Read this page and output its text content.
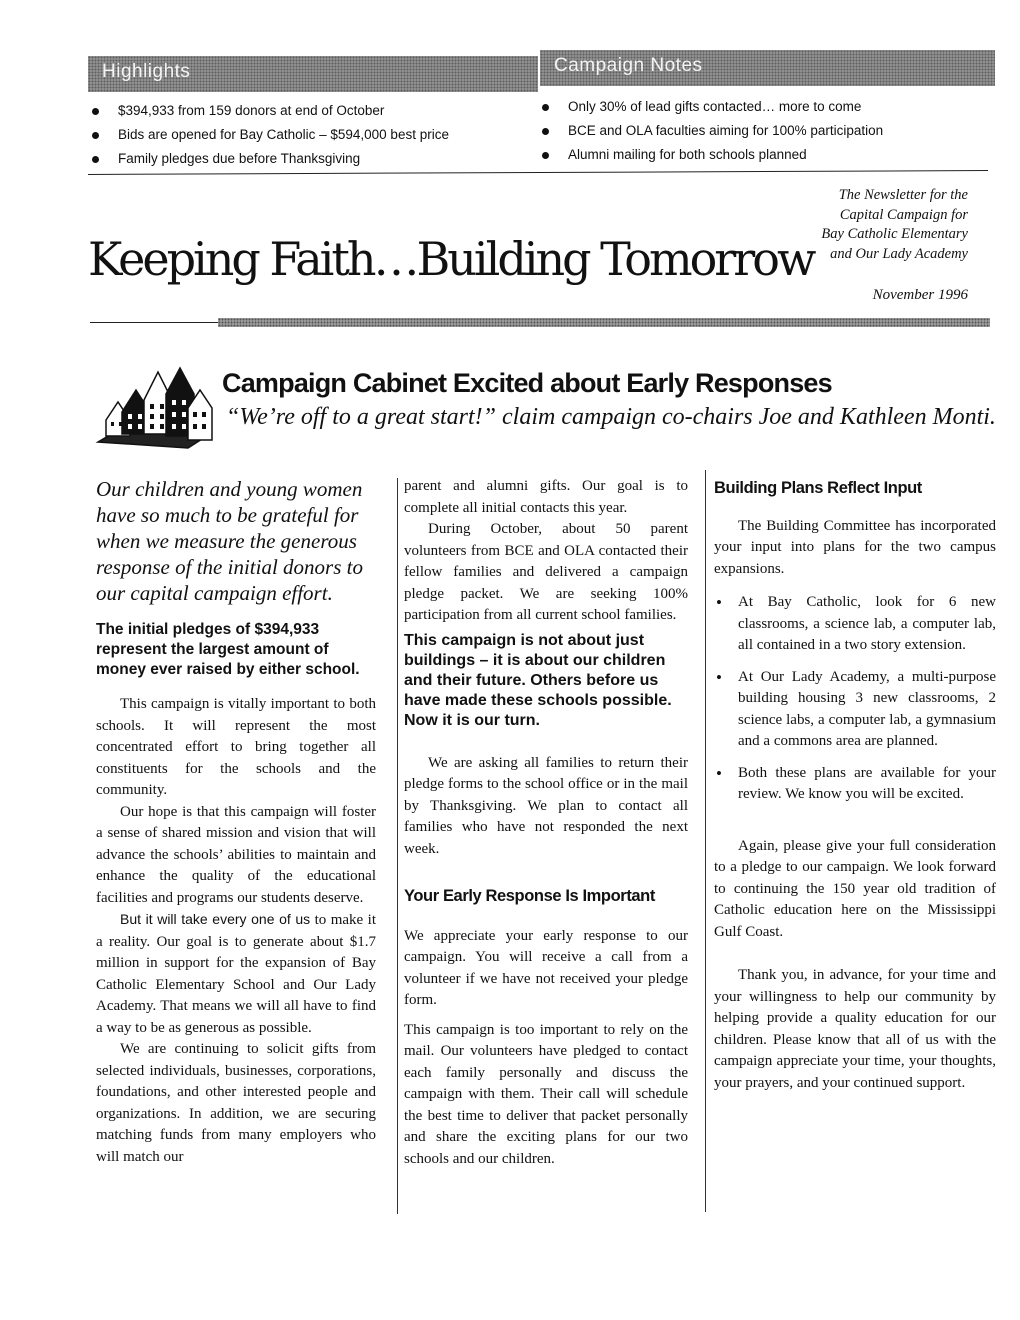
Highlights
$394,933 from 159 donors at end of October
Bids are opened for Bay Catholic – $594,000 best price
Family pledges due before Thanksgiving
Campaign Notes
Only 30% of lead gifts contacted… more to come
BCE and OLA faculties aiming for 100% participation
Alumni mailing for both schools planned
Keeping Faith…Building Tomorrow
The Newsletter for the
Capital Campaign for
Bay Catholic Elementary
and Our Lady Academy
November 1996
Campaign Cabinet Excited about Early Responses

“We’re off to a great start!” claim campaign co-chairs Joe and Kathleen Monti.

Our children and young women have so much to be grateful for when we measure the generous response of the initial donors to our capital campaign effort.

The initial pledges of $394,933 represent the largest amount of money ever raised by either school.

This campaign is vitally important to both schools. It will represent the most concentrated effort to bring together all constituents for the schools and the community.

Our hope is that this campaign will foster a sense of shared mission and vision that will advance the schools’ abilities to maintain and enhance the quality of the educational facilities and programs our students deserve.

But it will take every one of us to make it a reality. Our goal is to generate about $1.7 million in support for the expansion of Bay Catholic Elementary School and Our Lady Academy. That means we will all have to find a way to be as generous as possible.

We are continuing to solicit gifts from selected individuals, businesses, corporations, foundations, and other interested people and organizations. In addition, we are securing matching funds from many employers who will match our

parent and alumni gifts. Our goal is to complete all initial contacts this year.

During October, about 50 parent volunteers from BCE and OLA contacted their fellow families and delivered a campaign pledge packet. We are seeking 100% participation from all current school families.

This campaign is not about just buildings – it is about our children and their future. Others before us have made these schools possible. Now it is our turn.

We are asking all families to return their pledge forms to the school office or in the mail by Thanksgiving. We plan to contact all families who have not responded the next week.

Your Early Response Is Important

We appreciate your early response to our campaign. You will receive a call from a volunteer if we have not received your pledge form.

This campaign is too important to rely on the mail. Our volunteers have pledged to contact each family personally and discuss the campaign with them. Their call will schedule the best time to deliver that packet personally and share the exciting plans for our two schools and our children.

Building Plans Reflect Input

The Building Committee has incorporated your input into plans for the two campus expansions.

• At Bay Catholic, look for 6 new classrooms, a science lab, a computer lab, all contained in a two story extension.
• At Our Lady Academy, a multi-purpose building housing 3 new classrooms, 2 science labs, a computer lab, a gymnasium and a commons area are planned.
• Both these plans are available for your review. We know you will be excited.

Again, please give your full consideration to a pledge to our campaign. We look forward to continuing the 150 year old tradition of Catholic education here on the Mississippi Gulf Coast.

Thank you, in advance, for your time and your willingness to help our community by helping provide a quality education for our children. Please know that all of us with the campaign appreciate your time, your thoughts, your prayers, and your continued support.
